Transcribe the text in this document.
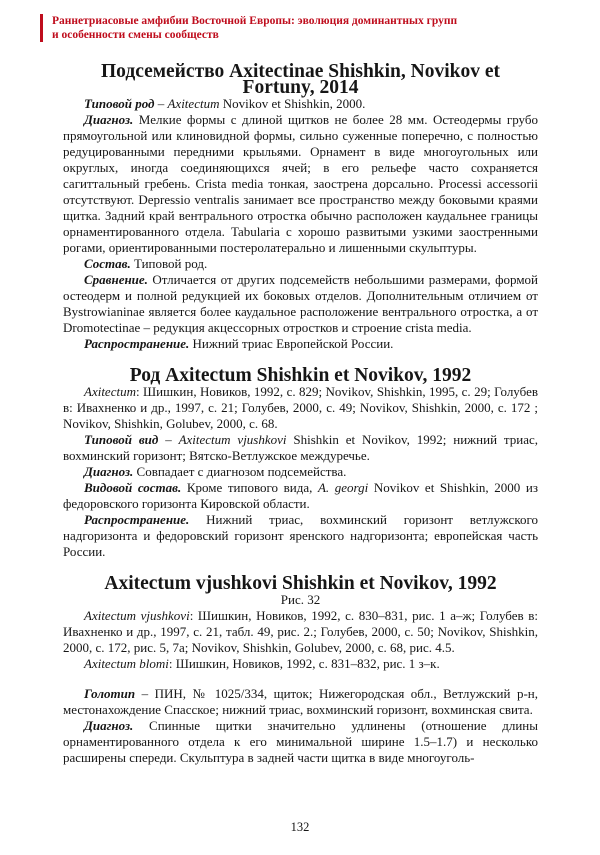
Раннетриасовые амфибии Восточной Европы: эволюция доминантных групп
и особенности смены сообществ
Подсемейство Axitectinae Shishkin, Novikov et Fortuny, 2014

Типовой род – Axitectum Novikov et Shishkin, 2000.

Диагноз. Мелкие формы с длиной щитков не более 28 мм. Остеодермы грубо прямоугольной или клиновидной формы, сильно суженные поперечно, с полностью редуцированными передними крыльями. Орнамент в виде многоугольных или округлых, иногда соединяющихся ячей; в его рельефе часто сохраняется сагиттальный гребень. Crista media тонкая, заострена дорсально. Processi accessorii отсутствуют. Depressio ventralis занимает все пространство между боковыми краями щитка. Задний край вентрального отростка обычно расположен каудальнее границы орнаментированного отдела. Tabularia с хорошо развитыми узкими заостренными рогами, ориентированными постеролатерально и лишенными скульптуры.

Состав. Типовой род.

Сравнение. Отличается от других подсемейств небольшими размерами, формой остеодерм и полной редукцией их боковых отделов. Дополнительным отличием от Bystrowianinae является более каудальное расположение вентрального отростка, а от Dromotectinae – редукция акцессорных отростков и строение crista media.

Распространение. Нижний триас Европейской России.

Род Axitectum Shishkin et Novikov, 1992

Axitectum: Шишкин, Новиков, 1992, с. 829; Novikov, Shishkin, 1995, с. 29; Голубев в: Ивахненко и др., 1997, с. 21; Голубев, 2000, с. 49; Novikov, Shishkin, 2000, с. 172 ; Novikov, Shishkin, Golubev, 2000, с. 68.

Типовой вид – Axitectum vjushkovi Shishkin et Novikov, 1992; нижний триас, вохминский горизонт; Вятско-Ветлужское междуречье.

Диагноз. Совпадает с диагнозом подсемейства.

Видовой состав. Кроме типового вида, A. georgi Novikov et Shishkin, 2000 из федоровского горизонта Кировской области.

Распространение. Нижний триас, вохминский горизонт ветлужского надгоризонта и федоровский горизонт яренского надгоризонта; европейская часть России.

Axitectum vjushkovi Shishkin et Novikov, 1992

Рис. 32

Axitectum vjushkovi: Шишкин, Новиков, 1992, с. 830–831, рис. 1 а–ж; Голубев в: Ивахненко и др., 1997, с. 21, табл. 49, рис. 2.; Голубев, 2000, с. 50; Novikov, Shishkin, 2000, с. 172, рис. 5, 7а; Novikov, Shishkin, Golubev, 2000, с. 68, рис. 4.5.

Axitectum blomi: Шишкин, Новиков, 1992, с. 831–832, рис. 1 з–к.

Голотип – ПИН, № 1025/334, щиток; Нижегородская обл., Ветлужский р-н, местонахождение Спасское; нижний триас, вохминский горизонт, вохминская свита.

Диагноз. Спинные щитки значительно удлинены (отношение длины орнаментированного отдела к его минимальной ширине 1.5–1.7) и несколько расширены спереди. Скульптура в задней части щитка в виде многоуголь-

132
